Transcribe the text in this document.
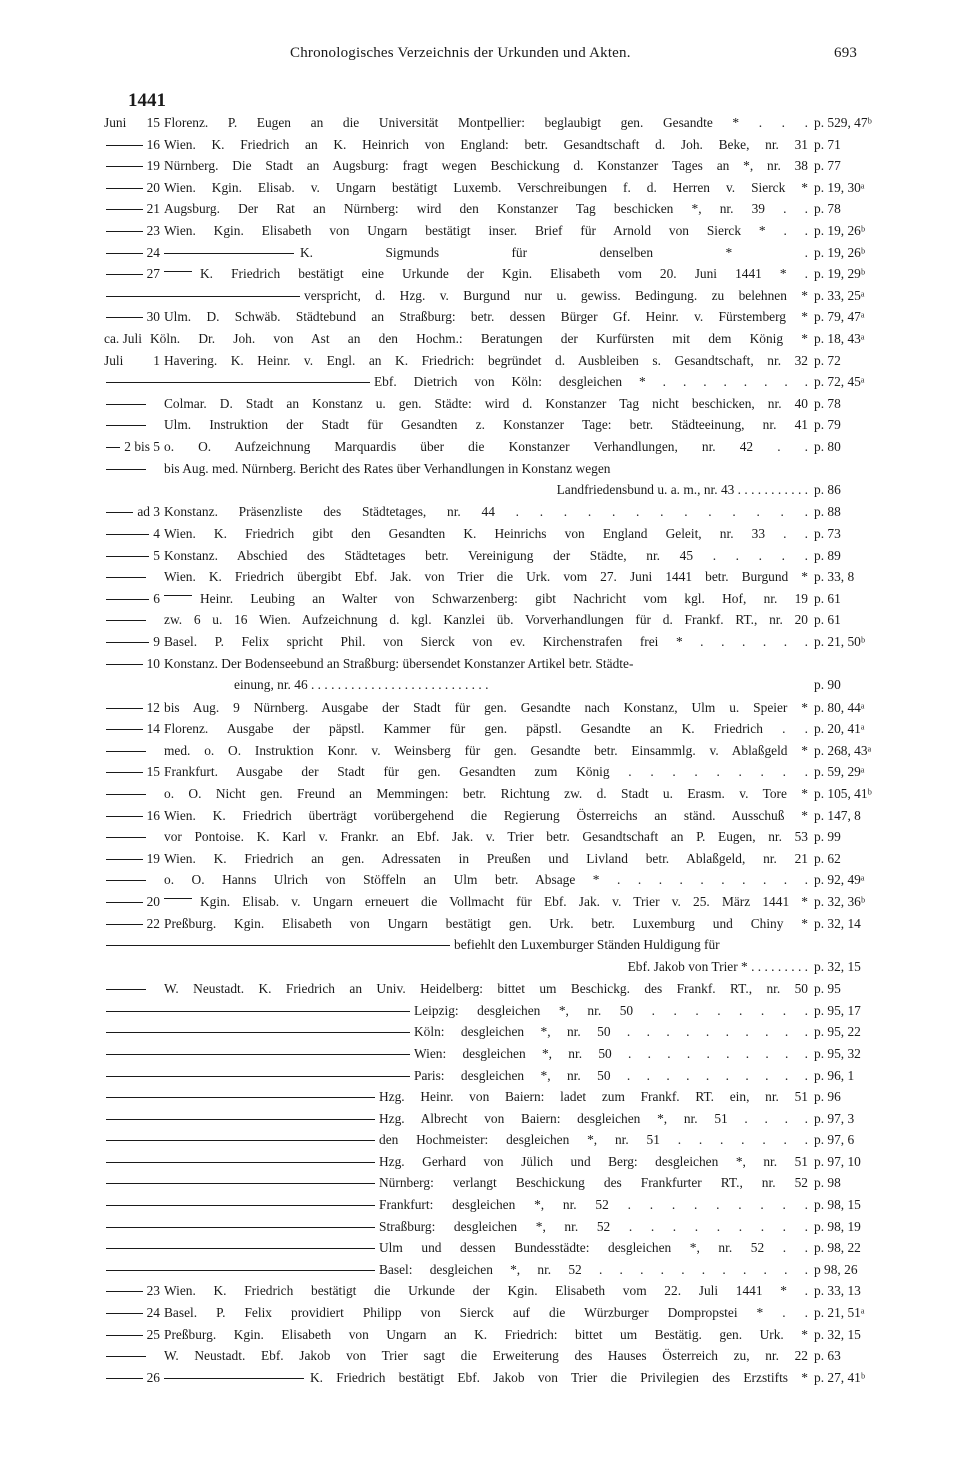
Chronologisches Verzeichnis der Urkunden und Akten.	693
1441
Juni 15 Florenz. P. Eugen an die Universität Montpellier: beglaubigt gen. Gesandte * . . . p. 529, 47ᵇ
16 Wien. K. Friedrich an K. Heinrich von England: betr. Gesandtschaft d. Joh. Beke, nr. 31 p. 71
19 Nürnberg. Die Stadt an Augsburg: fragt wegen Beschickung d. Konstanzer Tages an *, nr. 38 p. 77
20 Wien. Kgin. Elisab. v. Ungarn bestätigt Luxemb. Verschreibungen f. d. Herren v. Sierck * p. 19, 30ᵃ
21 Augsburg. Der Rat an Nürnberg: wird den Konstanzer Tag beschicken *, nr. 39 . . p. 78
23 Wien. Kgin. Elisabeth von Ungarn bestätigt inser. Brief für Arnold von Sierck * . . p. 19, 26ᵇ
24	K. Sigmunds für denselben * . p. 19, 26ᵇ
27	K. Friedrich bestätigt eine Urkunde der Kgin. Elisabeth vom 20. Juni 1441 * . p. 19, 29ᵇ
verspricht, d. Hzg. v. Burgund nur u. gewiss. Bedingung. zu belehnen * p. 33, 25ᵃ
30 Ulm. D. Schwäb. Städtebund an Straßburg: betr. dessen Bürger Gf. Heinr. v. Fürstemberg * p. 79, 47ᵃ
ca. Juli Köln. Dr. Joh. von Ast an den Hochm.: Beratungen der Kurfürsten mit dem König * p. 18, 43ᵃ
Juli 1 Havering. K. Heinr. v. Engl. an K. Friedrich: begründet d. Ausbleiben s. Gesandtschaft, nr. 32 p. 72
Ebf. Dietrich von Köln: desgleichen * . . . . . . . . p. 72, 45ᵃ
Colmar. D. Stadt an Konstanz u. gen. Städte: wird d. Konstanzer Tag nicht beschicken, nr. 40 p. 78
Ulm. Instruktion der Stadt für Gesandten z. Konstanzer Tage: betr. Städteeinung, nr. 41 p. 79
2 bis 5 o. O. Aufzeichnung Marquardis über die Konstanzer Verhandlungen, nr. 42 . . p. 80
bis Aug. med. Nürnberg. Bericht des Rates über Verhandlungen in Konstanz wegen
Landfriedensbund u. a. m., nr. 43 . . . . . . . . . . . p. 86
ad 3 Konstanz. Präsenzliste des Städtetages, nr. 44 . . . . . . . . . . . . . p. 88
4 Wien. K. Friedrich gibt den Gesandten K. Heinrichs von England Geleit, nr. 33 . . p. 73
5 Konstanz. Abschied des Städtetages betr. Vereinigung der Städte, nr. 45 . . . . . p. 89
Wien. K. Friedrich übergibt Ebf. Jak. von Trier die Urk. vom 27. Juni 1441 betr. Burgund * p. 33, 8
6	Heinr. Leubing an Walter von Schwarzenberg: gibt Nachricht vom kgl. Hof, nr. 19 p. 61
zw. 6 u. 16 Wien. Aufzeichnung d. kgl. Kanzlei üb. Vorverhandlungen für d. Frankf. RT., nr. 20 p. 61
9 Basel. P. Felix spricht Phil. von Sierck von ev. Kirchenstrafen frei * . . . . . . p. 21, 50ᵇ
10 Konstanz. Der Bodenseebund an Straßburg: übersendet Konstanzer Artikel betr. Städte-
einung, nr. 46 . . . . . . . . . . . . . . . . . . . . . . . . . . .	p. 90
12 bis Aug. 9 Nürnberg. Ausgabe der Stadt für gen. Gesandte nach Konstanz, Ulm u. Speier * p. 80, 44ᵃ
14 Florenz. Ausgabe der päpstl. Kammer für gen. päpstl. Gesandte an K. Friedrich . . p. 20, 41ᵃ
med. o. O. Instruktion Konr. v. Weinsberg für gen. Gesandte betr. Einsammlg. v. Ablaßgeld * p. 268, 43ᵃ
15 Frankfurt. Ausgabe der Stadt für gen. Gesandten zum König . . . . . . . . . p. 59, 29ᵃ
o. O. Nicht gen. Freund an Memmingen: betr. Richtung zw. d. Stadt u. Erasm. v. Tore * p. 105, 41ᵇ
16 Wien. K. Friedrich überträgt vorübergehend die Regierung Österreichs an ständ. Ausschuß * p. 147, 8
vor Pontoise. K. Karl v. Frankr. an Ebf. Jak. v. Trier betr. Gesandtschaft an P. Eugen, nr. 53 p. 99
19 Wien. K. Friedrich an gen. Adressaten in Preußen und Livland betr. Ablaßgeld, nr. 21 p. 62
o. O. Hanns Ulrich von Stöffeln an Ulm betr. Absage * . . . . . . . . . . p. 92, 49ᵃ
20	Kgin. Elisab. v. Ungarn erneuert die Vollmacht für Ebf. Jak. v. Trier v. 25. März 1441 * p. 32, 36ᵇ
22 Preßburg. Kgin. Elisabeth von Ungarn bestätigt gen. Urk. betr. Luxemburg und Chiny * p. 32, 14
befiehlt den Luxemburger Ständen Huldigung für
Ebf. Jakob von Trier * . . . . . . . . . p. 32, 15
W. Neustadt. K. Friedrich an Univ. Heidelberg: bittet um Beschickg. des Frankf. RT., nr. 50 p. 95
Leipzig: desgleichen *, nr. 50 . . . . . . . . p. 95, 17
Köln: desgleichen *, nr. 50 . . . . . . . . . . p. 95, 22
Wien: desgleichen *, nr. 50 . . . . . . . . . . p. 95, 32
Paris: desgleichen *, nr. 50 . . . . . . . . . . p. 96, 1
Hzg. Heinr. von Baiern: ladet zum Frankf. RT. ein, nr. 51 p. 96
Hzg. Albrecht von Baiern: desgleichen *, nr. 51 . . . . p. 97, 3
den Hochmeister: desgleichen *, nr. 51 . . . . . . . p. 97, 6
Hzg. Gerhard von Jülich und Berg: desgleichen *, nr. 51 p. 97, 10
Nürnberg: verlangt Beschickung des Frankfurter RT., nr. 52 p. 98
Frankfurt: desgleichen *, nr. 52 . . . . . . . . . p. 98, 15
Straßburg: desgleichen *, nr. 52 . . . . . . . . . p. 98, 19
Ulm und dessen Bundesstädte: desgleichen *, nr. 52 . . p. 98, 22
Basel: desgleichen *, nr. 52 . . . . . . . . . . . p 98, 26
23 Wien. K. Friedrich bestätigt die Urkunde der Kgin. Elisabeth vom 22. Juli 1441 * . p. 33, 13
24 Basel. P. Felix providiert Philipp von Sierck auf die Würzburger Dompropstei * . . p. 21, 51ᵃ
25 Preßburg. Kgin. Elisabeth von Ungarn an K. Friedrich: bittet um Bestätig. gen. Urk. * p. 32, 15
W. Neustadt. Ebf. Jakob von Trier sagt die Erweiterung des Hauses Österreich zu, nr. 22 p. 63
26	K. Friedrich bestätigt Ebf. Jakob von Trier die Privilegien des Erzstifts * p. 27, 41ᵇ
